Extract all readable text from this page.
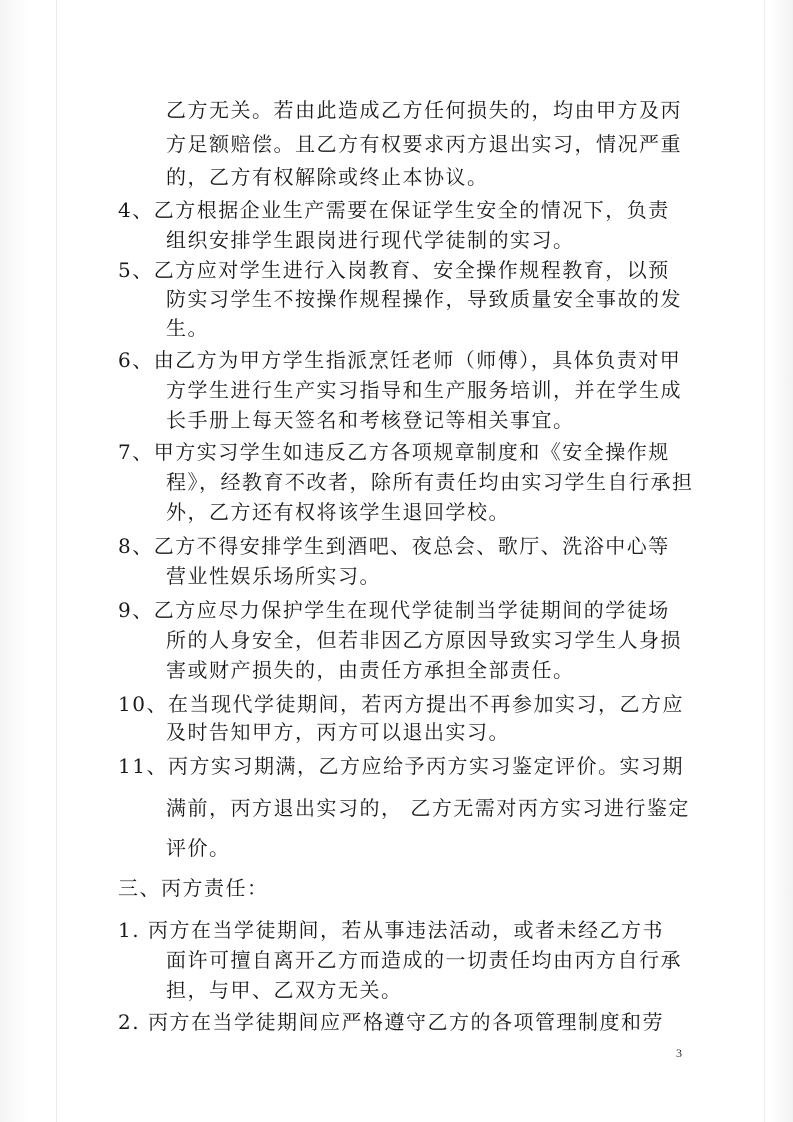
乙方无关。若由此造成乙方任何损失的，均由甲方及丙
方足额赔偿。且乙方有权要求丙方退出实习，情况严重
的，乙方有权解除或终止本协议。
4、乙方根据企业生产需要在保证学生安全的情况下，负责
组织安排学生跟岗进行现代学徒制的实习。
5、乙方应对学生进行入岗教育、安全操作规程教育，以预
防实习学生不按操作规程操作，导致质量安全事故的发
生。
6、由乙方为甲方学生指派烹饪老师（师傅），具体负责对甲
方学生进行生产实习指导和生产服务培训，并在学生成
长手册上每天签名和考核登记等相关事宜。
7、甲方实习学生如违反乙方各项规章制度和《安全操作规
程》，经教育不改者，除所有责任均由实习学生自行承担
外，乙方还有权将该学生退回学校。
8、乙方不得安排学生到酒吧、夜总会、歌厅、洗浴中心等
营业性娱乐场所实习。
9、乙方应尽力保护学生在现代学徒制当学徒期间的学徒场
所的人身安全，但若非因乙方原因导致实习学生人身损
害或财产损失的，由责任方承担全部责任。
10、在当现代学徒期间，若丙方提出不再参加实习，乙方应
及时告知甲方，丙方可以退出实习。
11、丙方实习期满，乙方应给予丙方实习鉴定评价。实习期
满前，丙方退出实习的， 乙方无需对丙方实习进行鉴定
评价。
三、丙方责任：
1. 丙方在当学徒期间，若从事违法活动，或者未经乙方书
面许可擅自离开乙方而造成的一切责任均由丙方自行承
担，与甲、乙双方无关。
2. 丙方在当学徒期间应严格遵守乙方的各项管理制度和劳
3
